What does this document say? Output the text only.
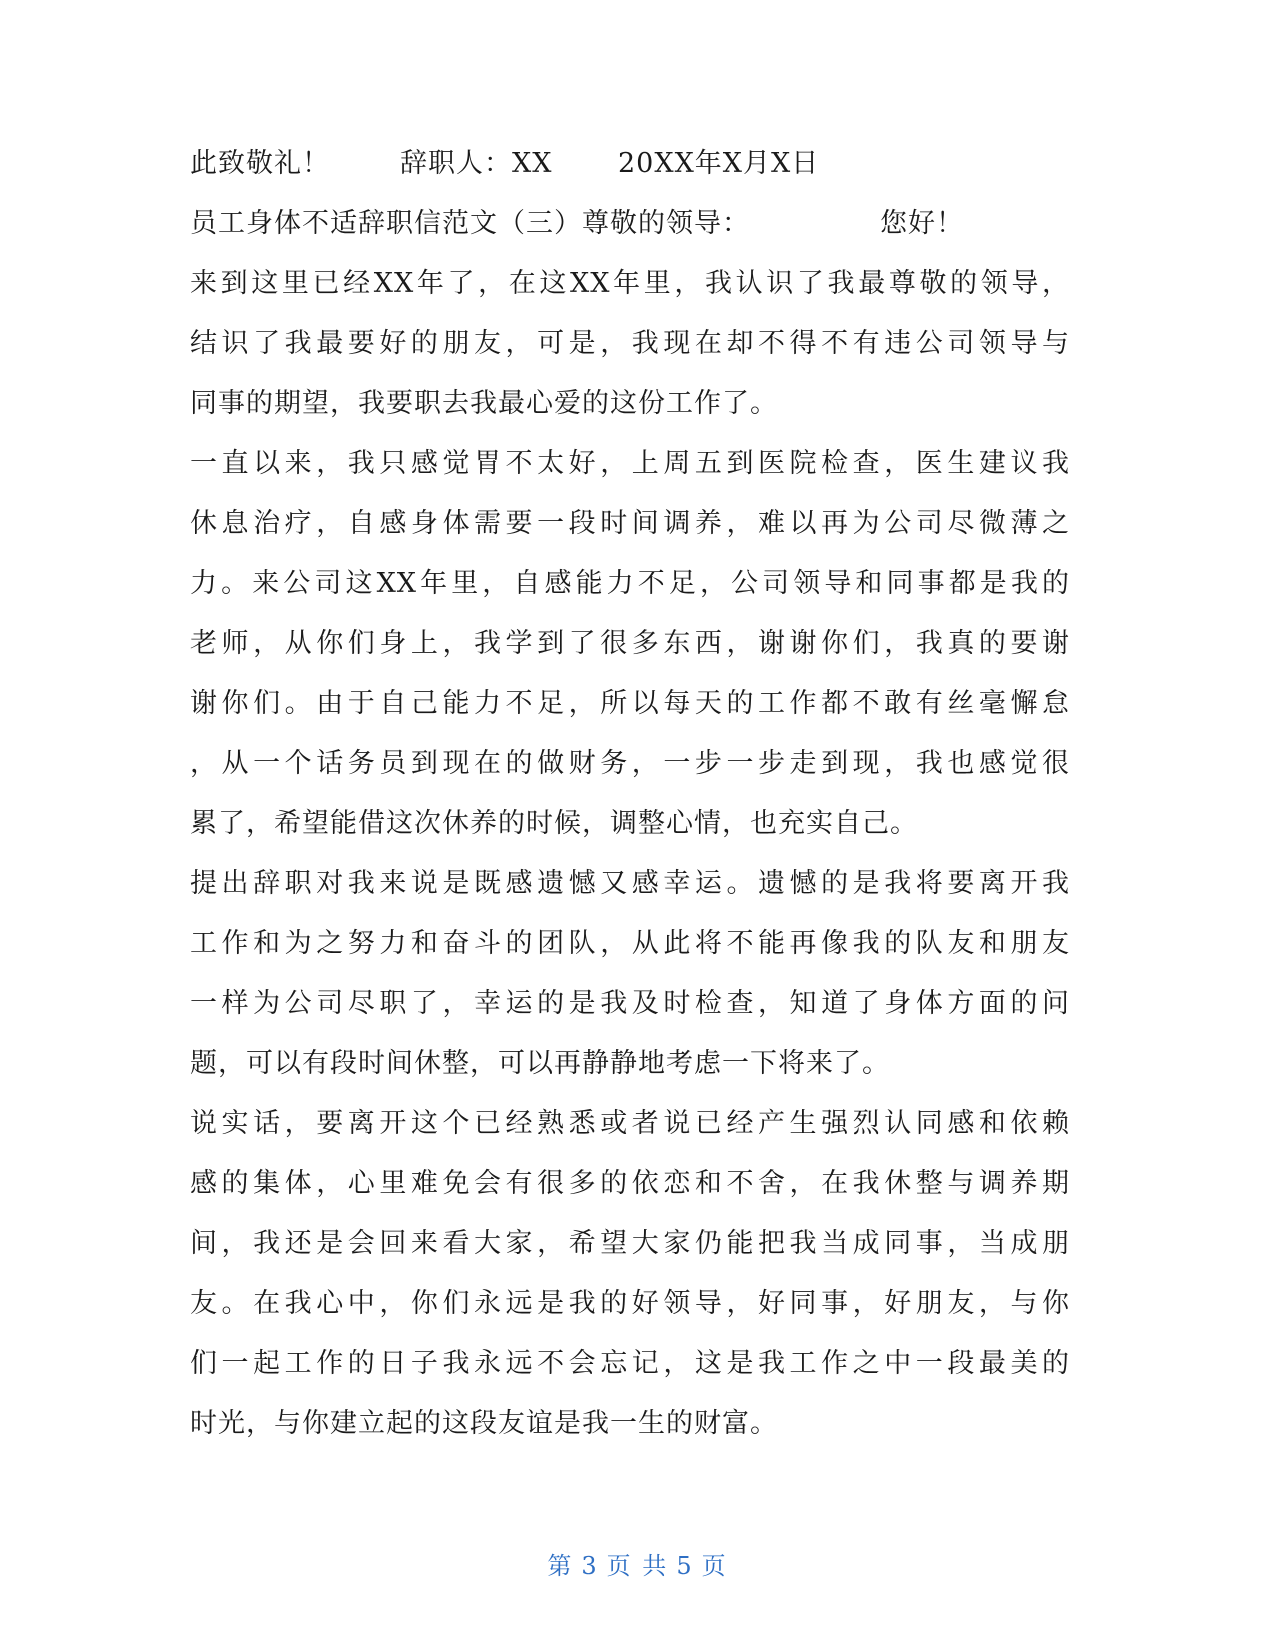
此致敬礼！	辞职人：XX 20XX年X月X日
员工身体不适辞职信范文（三）尊敬的领导：	您好！
来到这里已经XX年了，在这XX年里，我认识了我最尊敬的领导，
结识了我最要好的朋友，可是，我现在却不得不有违公司领导与
同事的期望，我要职去我最心爱的这份工作了。
一直以来，我只感觉胃不太好，上周五到医院检查，医生建议我
休息治疗，自感身体需要一段时间调养，难以再为公司尽微薄之
力。来公司这XX年里，自感能力不足，公司领导和同事都是我的
老师，从你们身上，我学到了很多东西，谢谢你们，我真的要谢
谢你们。由于自己能力不足，所以每天的工作都不敢有丝毫懈怠
，从一个话务员到现在的做财务，一步一步走到现，我也感觉很
累了，希望能借这次休养的时候，调整心情，也充实自己。
提出辞职对我来说是既感遗憾又感幸运。遗憾的是我将要离开我
工作和为之努力和奋斗的团队，从此将不能再像我的队友和朋友
一样为公司尽职了，幸运的是我及时检查，知道了身体方面的问
题，可以有段时间休整，可以再静静地考虑一下将来了。
说实话，要离开这个已经熟悉或者说已经产生强烈认同感和依赖
感的集体，心里难免会有很多的依恋和不舍，在我休整与调养期
间，我还是会回来看大家，希望大家仍能把我当成同事，当成朋
友。在我心中，你们永远是我的好领导，好同事，好朋友，与你
们一起工作的日子我永远不会忘记，这是我工作之中一段最美的
时光，与你建立起的这段友谊是我一生的财富。
第 3 页 共 5 页
